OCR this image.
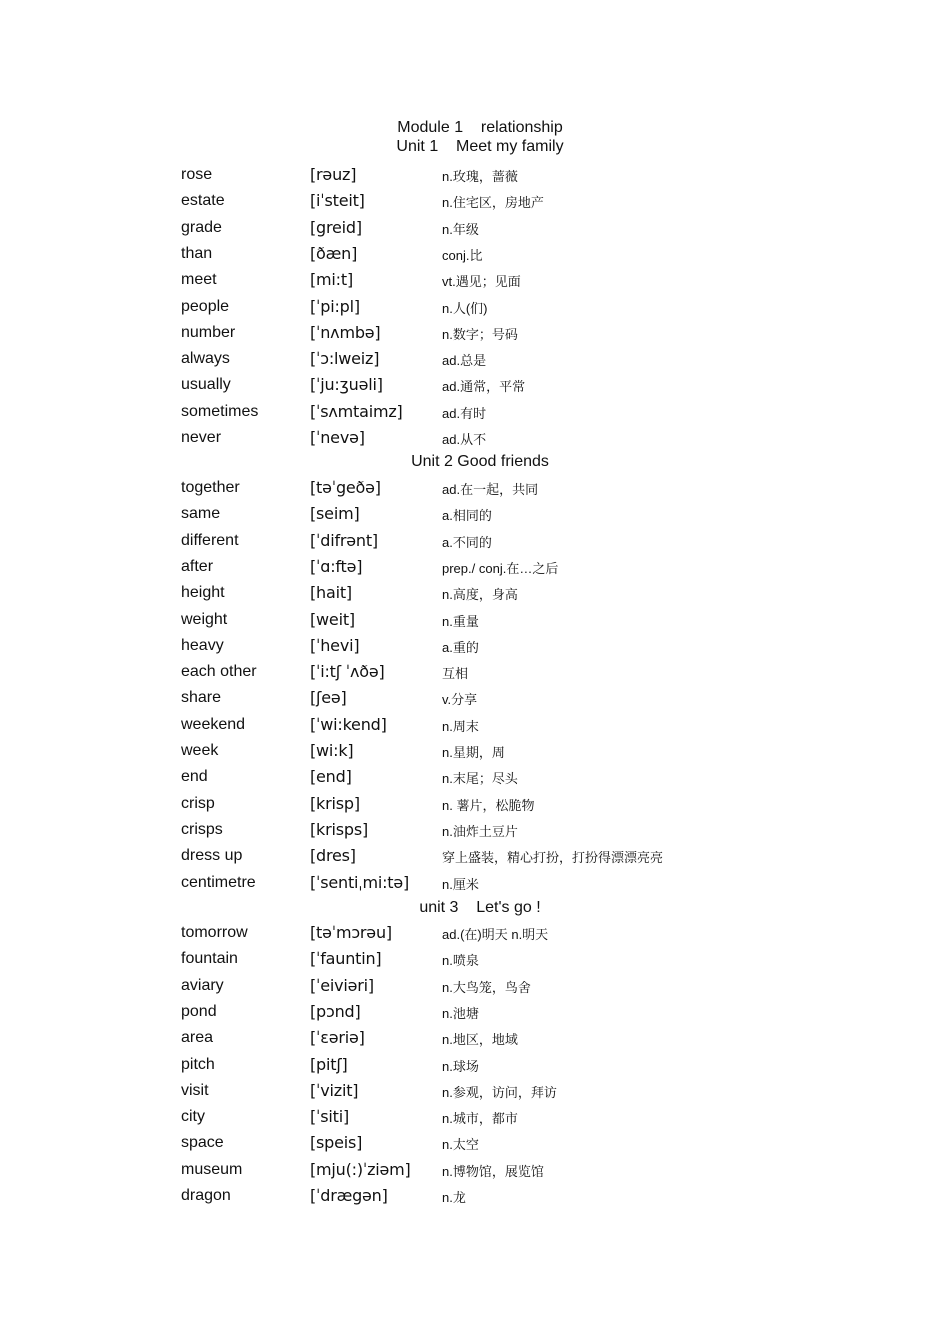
Module 1    relationship
Unit 1    Meet my family
rose	[rəuz]	n.玫瑰，蔷薇
estate	[iˈsteit]	n.住宅区，房地产
grade	[greid]	n.年级
than	[ðæn]	conj.比
meet	[mi:t]	vt.遇见；见面
people	[ˈpi:pl]	n.人(们)
number	[ˈnʌmbə]	n.数字；号码
always	[ˈɔ:lweiz]	ad.总是
usually	[ˈju:ʒuəli]	ad.通常，平常
sometimes	[ˈsʌmtaimz]	ad.有时
never	[ˈnevə]	ad.从不
Unit 2 Good friends
together	[təˈgeðə]	ad.在一起，共同
same	[seim]	a.相同的
different	[ˈdifrənt]	a.不同的
after	[ˈɑ:ftə]	prep./ conj.在…之后
height	[hait]	n.高度，身高
weight	[weit]	n.重量
heavy	[ˈhevi]	a.重的
each other	[ˈi:tʃ ˈʌðə]	互相
share	[ʃeə]	v.分享
weekend	[ˈwi:kend]	n.周末
week	[wi:k]	n.星期，周
end	[end]	n.末尾；尽头
crisp	[krisp]	n. 薯片，松脆物
crisps	[krisps]	n.油炸土豆片
dress up	[dres]	穿上盛装，精心打扮，打扮得漂漂亮亮
centimetre	[ˈsentiˌmi:tə]	n.厘米
unit 3    Let's go !
tomorrow	[təˈmɔrəu]	ad.(在)明天 n.明天
fountain	[ˈfauntin]	n.喷泉
aviary	[ˈeiviəri]	n.大鸟笼，鸟舍
pond	[pɔnd]	n.池塘
area	[ˈɛəriə]	n.地区，地域
pitch	[pitʃ]	n.球场
visit	[ˈvizit]	n.参观，访问，拜访
city	[ˈsiti]	n.城市，都市
space	[speis]	n.太空
museum	[mju(:)ˈziəm] n.博物馆，展览馆
dragon	[ˈdrægən]	n.龙
